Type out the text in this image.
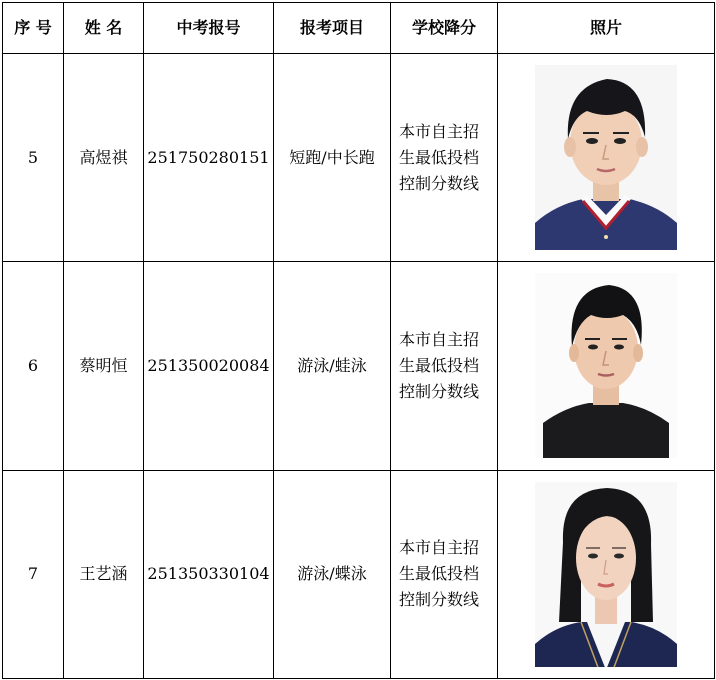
序 号	姓 名	中考报号	报考项目	学校降分	照片
5	高煜祺	251750280151	短跑/中长跑	本市自主招生最低投档控制分数线

6	蔡明恒	251350020084	游泳/蛙泳	本市自主招生最低投档控制分数线

7	王艺涵	251350330104	游泳/蝶泳	本市自主招生最低投档控制分数线
